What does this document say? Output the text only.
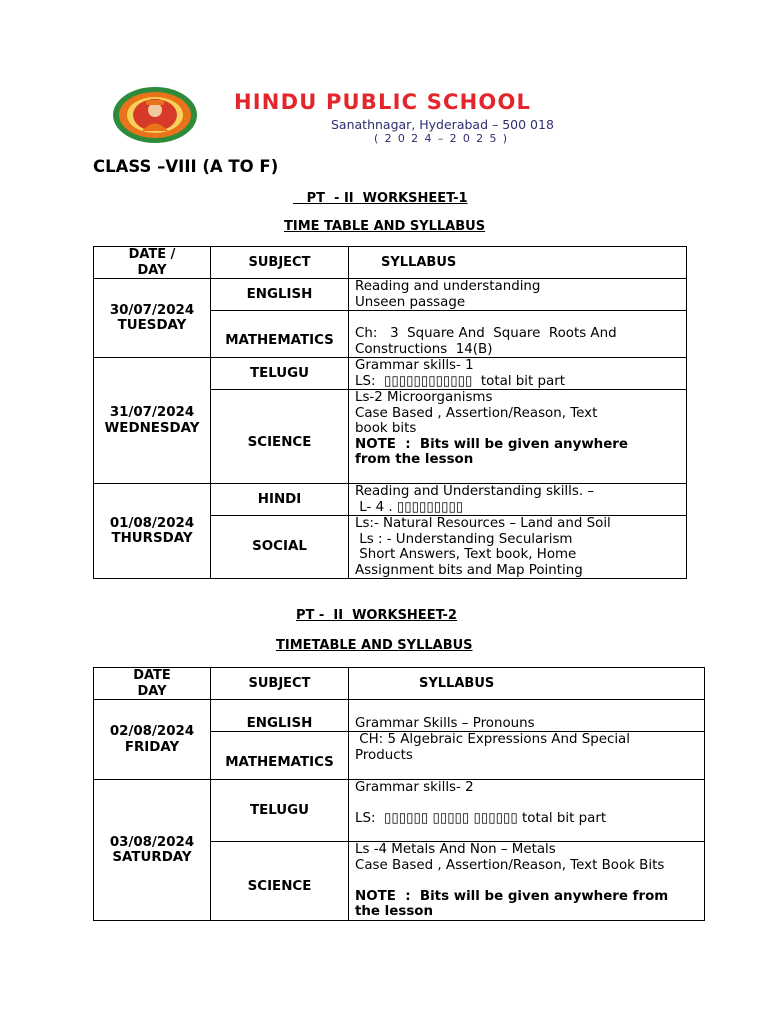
HINDU PUBLIC SCHOOL
Sanathnagar, Hyderabad – 500 018
( 2 0 2 4 – 2 0 2 5 )
CLASS –VIII (A TO F)
PT  - II  WORKSHEET-1
TIME TABLE AND SYLLABUS
DATE /
DAY	SUBJECT	SYLLABUS

30/07/2024
TUESDAY	ENGLISH	Reading and understanding
Unseen passage

	MATHEMATICS	Ch:   3  Square And  Square  Roots And
Constructions  14(B)

31/07/2024
WEDNESDAY	TELUGU	Grammar skills- 1
LS:  ▯▯▯▯▯▯▯▯▯▯▯▯  total bit part

	SCIENCE	Ls-2 Microorganisms
Case Based , Assertion/Reason, Text
book bits
NOTE  :  Bits will be given anywhere
from the lesson

01/08/2024
THURSDAY	HINDI	Reading and Understanding skills. –
L- 4 . ▯▯▯▯▯▯▯▯▯

	SOCIAL	Ls:- Natural Resources – Land and Soil
Ls : - Understanding Secularism
Short Answers, Text book, Home
Assignment bits and Map Pointing
PT -  II  WORKSHEET-2
TIMETABLE AND SYLLABUS
DATE
DAY	SUBJECT	SYLLABUS

02/08/2024
FRIDAY	ENGLISH	Grammar Skills – Pronouns

	MATHEMATICS	CH: 5 Algebraic Expressions And Special
Products

03/08/2024
SATURDAY	TELUGU	Grammar skills- 2
LS:  ▯▯▯▯▯▯ ▯▯▯▯▯ ▯▯▯▯▯▯ total bit part

	SCIENCE	Ls -4 Metals And Non – Metals
Case Based , Assertion/Reason, Text Book Bits
NOTE  :  Bits will be given anywhere from
the lesson
